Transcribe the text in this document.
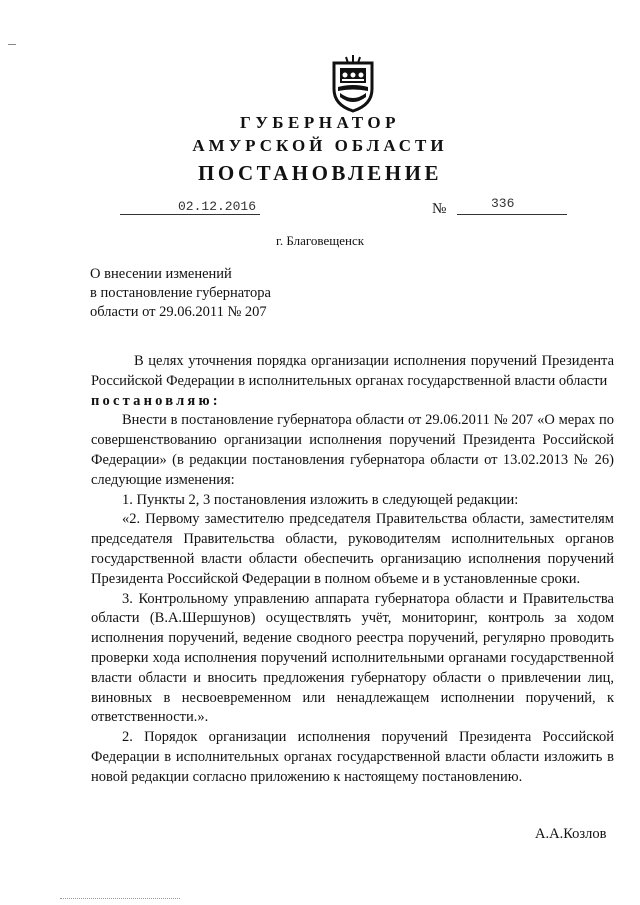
ГУБЕРНАТОР
АМУРСКОЙ ОБЛАСТИ
ПОСТАНОВЛЕНИЕ
02.12.2016	№	336
г. Благовещенск
О внесении изменений
в постановление губернатора
области от 29.06.2011 № 207

В целях уточнения порядка организации исполнения поручений Президента Российской Федерации в исполнительных органах государственной власти области

постановляю:

Внести в постановление губернатора области от 29.06.2011 № 207 «О мерах по совершенствованию организации исполнения поручений Президента Российской Федерации» (в редакции постановления губернатора области от 13.02.2013 № 26) следующие изменения:

1. Пункты 2, 3 постановления изложить в следующей редакции:

«2. Первому заместителю председателя Правительства области, заместителям председателя Правительства области, руководителям исполнительных органов государственной власти области обеспечить организацию исполнения поручений Президента Российской Федерации в полном объеме и в установленные сроки.

3. Контрольному управлению аппарата губернатора области и Правительства области (В.А.Шершунов) осуществлять учёт, мониторинг, контроль за ходом исполнения поручений, ведение сводного реестра поручений, регулярно проводить проверки хода исполнения поручений исполнительными органами государственной власти области и вносить предложения губернатору области о привлечении лиц, виновных в несвоевременном или ненадлежащем исполнении поручений, к ответственности.».

2. Порядок организации исполнения поручений Президента Российской Федерации в исполнительных органах государственной власти области изложить в новой редакции согласно приложению к настоящему постановлению.

А.А.Козлов
